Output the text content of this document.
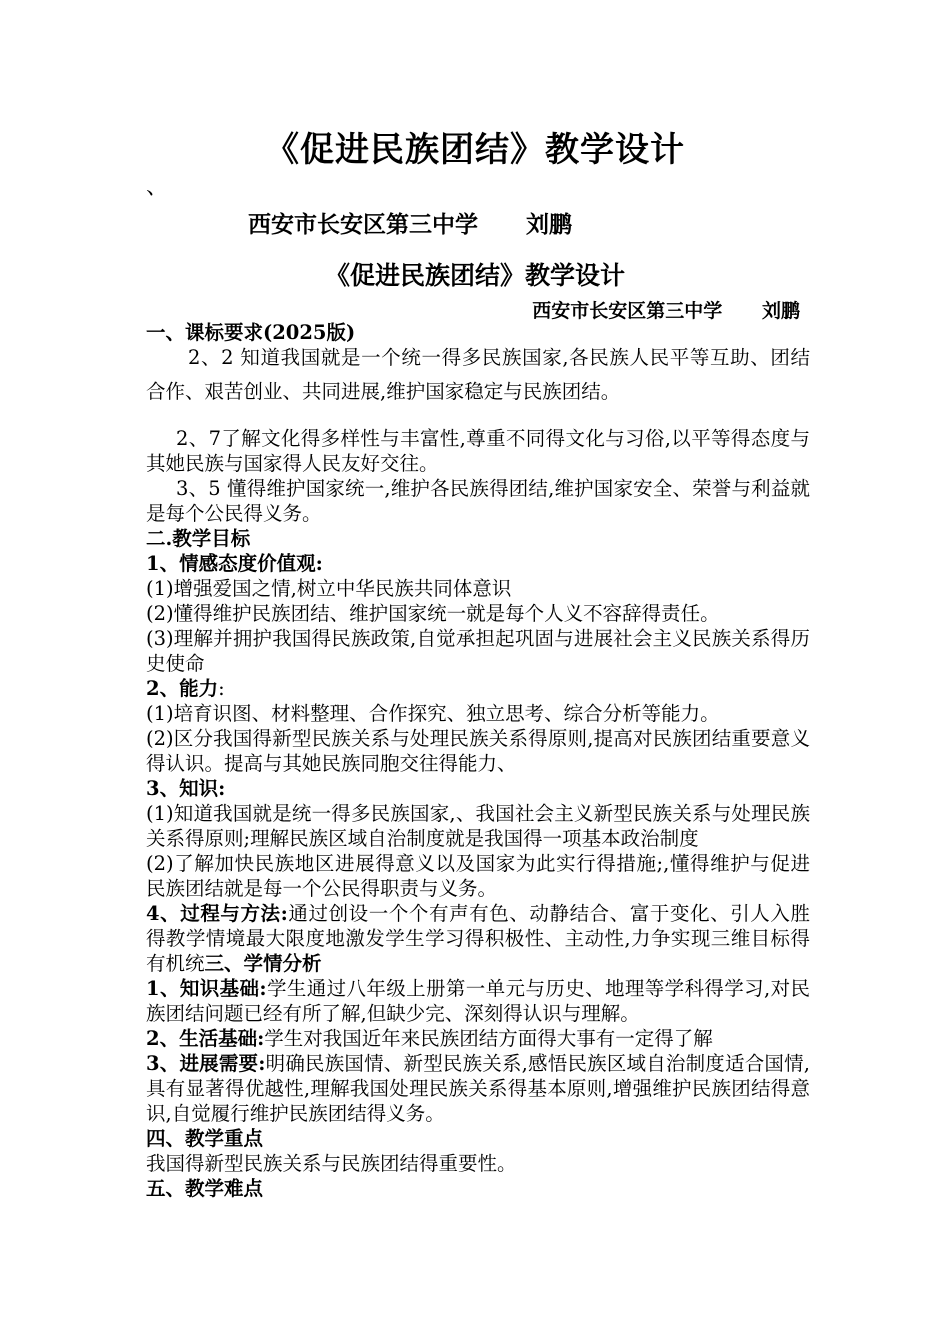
《促进民族团结》教学设计
、
西安市长安区第三中学      刘鹏
《促进民族团结》教学设计
西安市长安区第三中学      刘鹏

一、课标要求(2025版)

2、2 知道我国就是一个统一得多民族国家,各民族人民平等互助、团结合作、艰苦创业、共同进展,维护国家稳定与民族团结。

2、7了解文化得多样性与丰富性,尊重不同得文化与习俗,以平等得态度与其她民族与国家得人民友好交往。

3、5 懂得维护国家统一,维护各民族得团结,维护国家安全、荣誉与利益就是每个公民得义务。

二.教学目标

1、情感态度价值观:

(1)增强爱国之情,树立中华民族共同体意识

(2)懂得维护民族团结、维护国家统一就是每个人义不容辞得责任。

(3)理解并拥护我国得民族政策,自觉承担起巩固与进展社会主义民族关系得历史使命

2、能力:

(1)培育识图、材料整理、合作探究、独立思考、综合分析等能力。

(2)区分我国得新型民族关系与处理民族关系得原则,提高对民族团结重要意义得认识。提高与其她民族同胞交往得能力、

3、知识:

(1)知道我国就是统一得多民族国家,、我国社会主义新型民族关系与处理民族关系得原则;理解民族区域自治制度就是我国得一项基本政治制度

(2)了解加快民族地区进展得意义以及国家为此实行得措施;,懂得维护与促进民族团结就是每一个公民得职责与义务。

4、过程与方法:通过创设一个个有声有色、动静结合、富于变化、引人入胜得教学情境最大限度地激发学生学习得积极性、主动性,力争实现三维目标得有机统三、学情分析

1、知识基础:学生通过八年级上册第一单元与历史、地理等学科得学习,对民族团结问题已经有所了解,但缺少完、深刻得认识与理解。

2、生活基础:学生对我国近年来民族团结方面得大事有一定得了解

3、进展需要:明确民族国情、新型民族关系,感悟民族区域自治制度适合国情,具有显著得优越性,理解我国处理民族关系得基本原则,增强维护民族团结得意识,自觉履行维护民族团结得义务。

四、教学重点

我国得新型民族关系与民族团结得重要性。

五、教学难点
